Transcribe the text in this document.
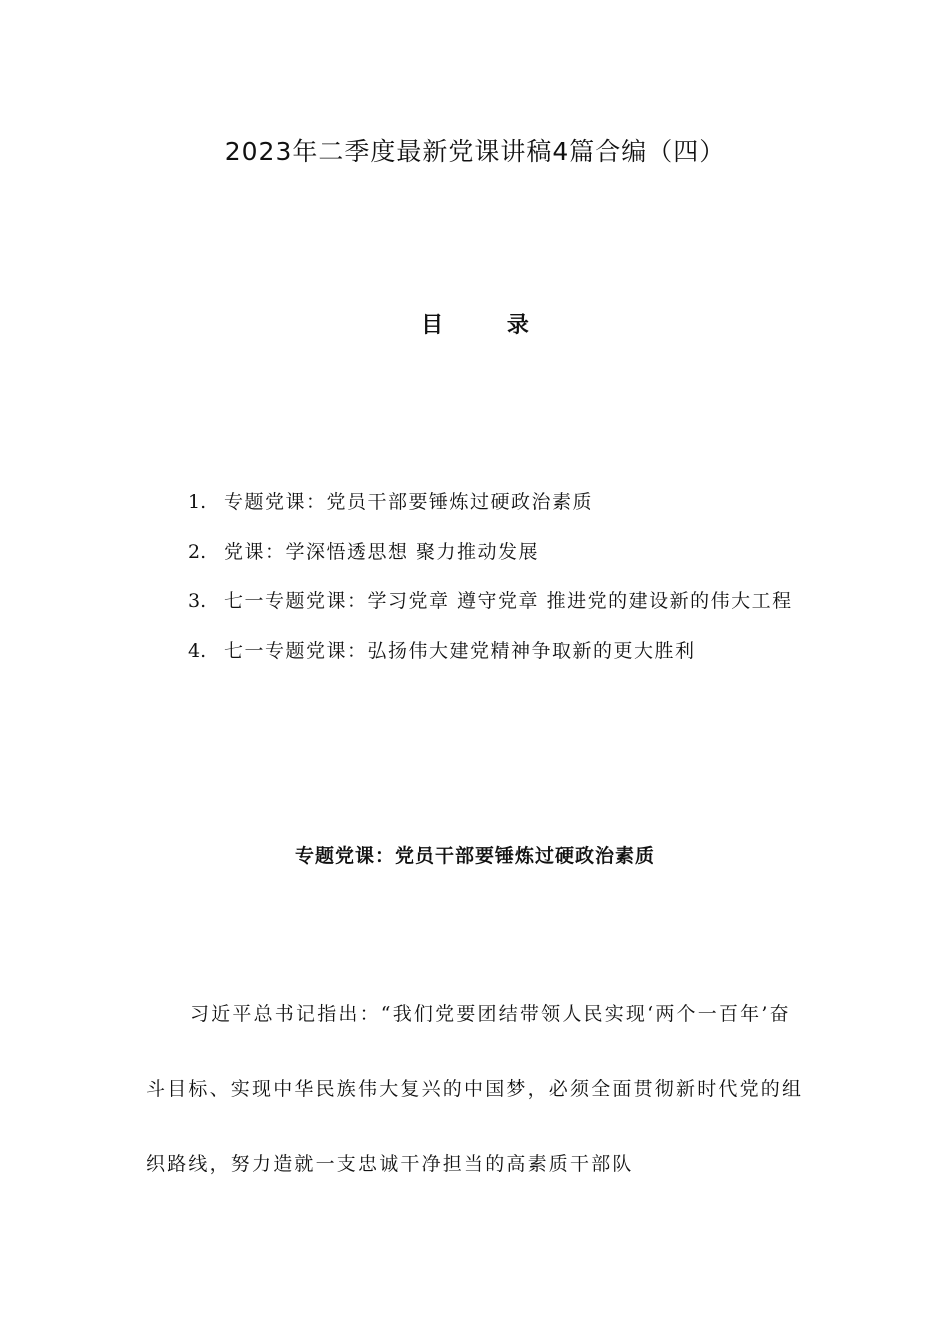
2023年二季度最新党课讲稿4篇合编（四）
目 录
1. 专题党课：党员干部要锤炼过硬政治素质
2. 党课：学深悟透思想 聚力推动发展
3. 七一专题党课：学习党章 遵守党章 推进党的建设新的伟大工程
4. 七一专题党课：弘扬伟大建党精神争取新的更大胜利
专题党课：党员干部要锤炼过硬政治素质

习近平总书记指出：“我们党要团结带领人民实现‘两个一百年’奋斗目标、实现中华民族伟大复兴的中国梦，必须全面贯彻新时代党的组织路线，努力造就一支忠诚干净担当的高素质干部队
